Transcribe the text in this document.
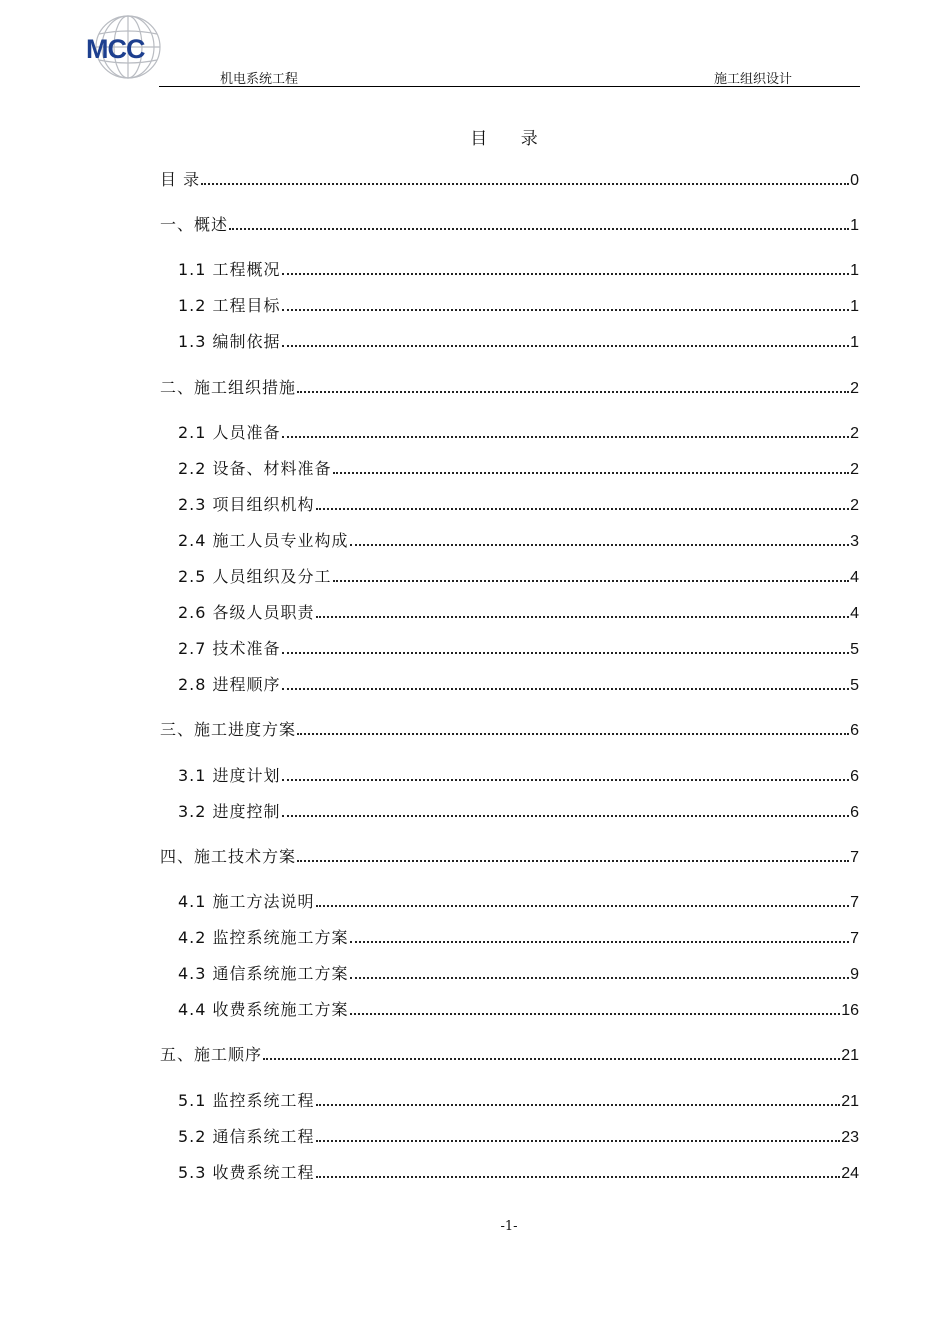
MCC
机电系统工程	施工组织设计
目 录
目 录	0
一、概述	1
1.1 工程概况	1
1.2 工程目标	1
1.3 编制依据	1
二、施工组织措施	2
2.1 人员准备	2
2.2 设备、材料准备	2
2.3 项目组织机构	2
2.4 施工人员专业构成	3
2.5 人员组织及分工	4
2.6 各级人员职责	4
2.7 技术准备	5
2.8 进程顺序	5
三、施工进度方案	6
3.1 进度计划	6
3.2 进度控制	6
四、施工技术方案	7
4.1 施工方法说明	7
4.2 监控系统施工方案	7
4.3 通信系统施工方案	9
4.4 收费系统施工方案	16
五、施工顺序	21
5.1 监控系统工程	21
5.2 通信系统工程	23
5.3 收费系统工程	24
-1-
